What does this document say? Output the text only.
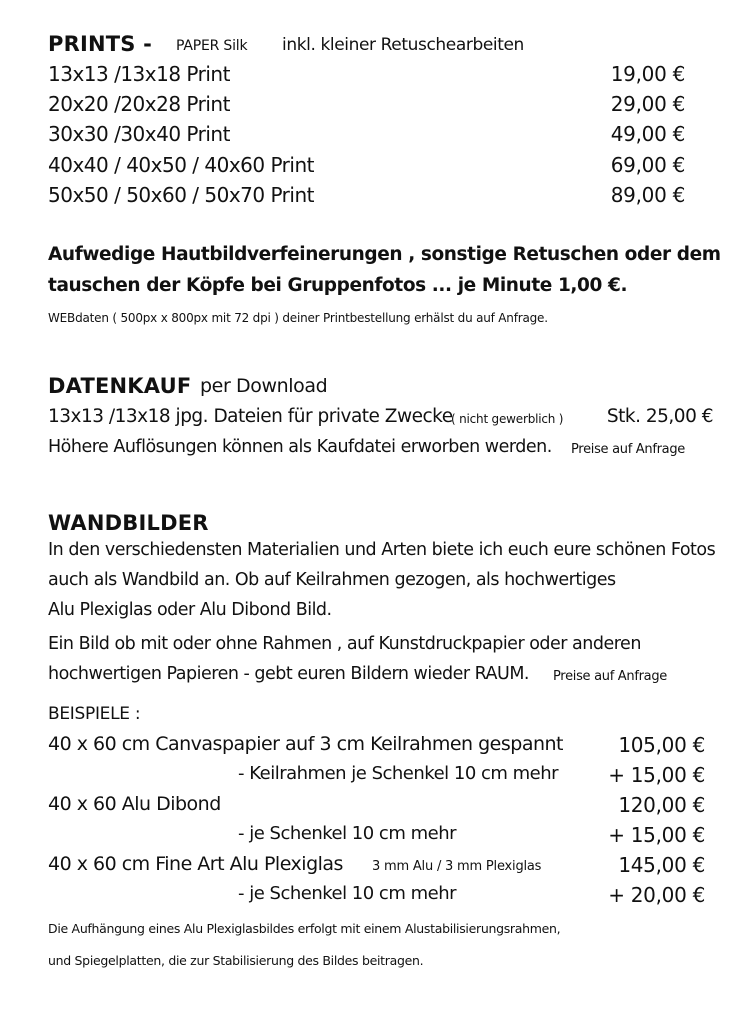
PRINTS - PAPER Silk inkl. kleiner Retuschearbeiten
13x13 /13x18 Print	19,00 €
20x20 /20x28 Print	29,00 €
30x30 /30x40 Print	49,00 €
40x40 / 40x50 / 40x60 Print	69,00 €
50x50 / 50x60 / 50x70 Print	89,00 €
Aufwedige Hautbildverfeinerungen , sonstige Retuschen oder dem
tauschen der Köpfe bei Gruppenfotos ... je Minute 1,00 €.
WEBdaten ( 500px x 800px mit 72 dpi ) deiner Printbestellung erhälst du auf Anfrage.
DATENKAUF per Download
13x13 /13x18 jpg. Dateien für private Zwecke
( nicht gewerblich )	Stk. 25,00 €
Höhere Auflösungen können als Kaufdatei erworben werden. Preise auf Anfrage
WANDBILDER
In den verschiedensten Materialien und Arten biete ich euch eure schönen Fotos
auch als Wandbild an. Ob auf Keilrahmen gezogen, als hochwertiges
Alu Plexiglas oder Alu Dibond Bild.
Ein Bild ob mit oder ohne Rahmen , auf Kunstdruckpapier oder anderen
hochwertigen Papieren - gebt euren Bildern wieder RAUM. Preise auf Anfrage
BEISPIELE :
40 x 60 cm Canvaspapier auf 3 cm Keilrahmen gespannt	105,00 €
- Keilrahmen je Schenkel 10 cm mehr	+ 15,00 €
40 x 60 Alu Dibond	120,00 €
- je Schenkel 10 cm mehr	+ 15,00 €
40 x 60 cm Fine Art Alu Plexiglas 3 mm Alu / 3 mm Plexiglas	145,00 €
- je Schenkel 10 cm mehr	+ 20,00 €
Die Aufhängung eines Alu Plexiglasbildes erfolgt mit einem Alustabilisierungsrahmen,
und Spiegelplatten, die zur Stabilisierung des Bildes beitragen.
